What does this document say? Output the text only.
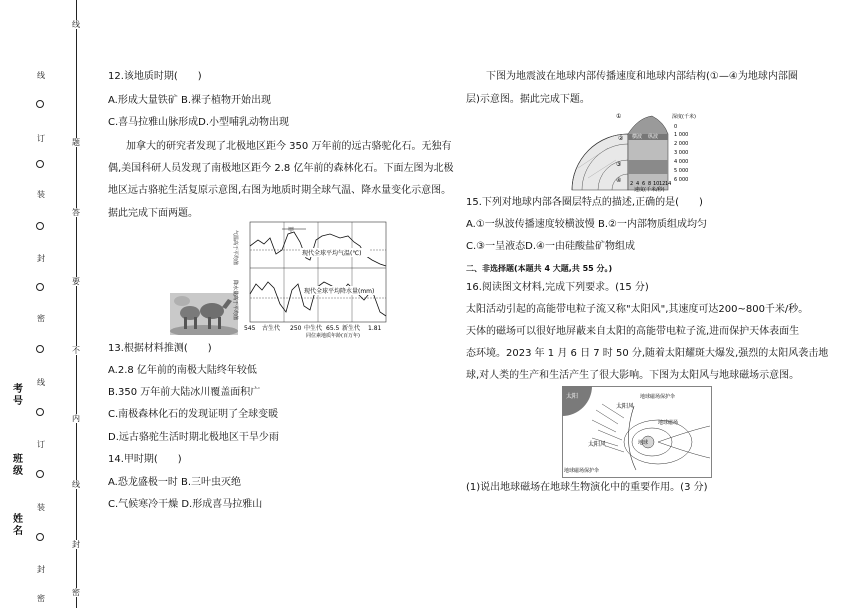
线
订
装
封
密
线
订
装
封
密
线
题
答
要
不
内
线
封
密
考号
班级
姓名
12.该地质时期(　　)
A.形成大量铁矿 B.裸子植物开始出现
C.喜马拉雅山脉形成D.小型哺乳动物出现
加拿大的研究者发现了北极地区距今 350 万年前的远古骆驼化石。无独有
偶,美国科研人员发现了南极地区距今 2.8 亿年前的森林化石。下面左图为北极
地区远古骆驼生活复原示意图,右图为地质时期全球气温、降水量变化示意图。
据此完成下面两题。
甲
气温高于平均值
降水量高于平均值
现代全球平均气温(℃)
现代全球平均降水量(mm)
545 古生代 250 中生代 65.5 新生代 1.81
同位素地质年龄(百万年)
13.根据材料推测(　　)
A.2.8 亿年前的南极大陆终年较低
B.350 万年前大陆冰川覆盖面积广
C.南极森林化石的发现证明了全球变暖
D.远古骆驼生活时期北极地区干旱少雨
14.甲时期(　　)
A.恐龙盛极一时 B.三叶虫灭绝
C.气候寒冷干燥 D.形成喜马拉雅山
下图为地震波在地球内部传播速度和地球内部结构(①—④为地球内部圈
层)示意图。据此完成下题。
①
②
③
④
横波 纵波
深度(千米)
0
1 000
2 000
3 000
4 000
5 000
6 000
2 4 6 8 10 12 14
速度(千米/秒)
15.下列对地球内部各圈层特点的描述,正确的是(　　)
A.①一纵波传播速度较横波慢 B.②一内部物质组成均匀
C.③一呈液态D.④一由硅酸盐矿物组成
二、非选择题(本题共 4 大题,共 55 分。)
16.阅读图文材料,完成下列要求。(15 分)
太阳活动引起的高能带电粒子流又称"太阳风",其速度可达200~800千米/秒。
天体的磁场可以很好地屏蔽来自太阳的高能带电粒子流,进而保护天体表面生
态环境。2023 年 1 月 6 日 7 时 50 分,随着太阳耀斑大爆发,强烈的太阳风袭击地
球,对人类的生产和生活产生了很大影响。下图为太阳风与地球磁场示意图。
太阳
太阳风
太阳风
地球磁场保护伞
地球磁场
地球
地球磁场保护伞
(1)说出地球磁场在地球生物演化中的重要作用。(3 分)
